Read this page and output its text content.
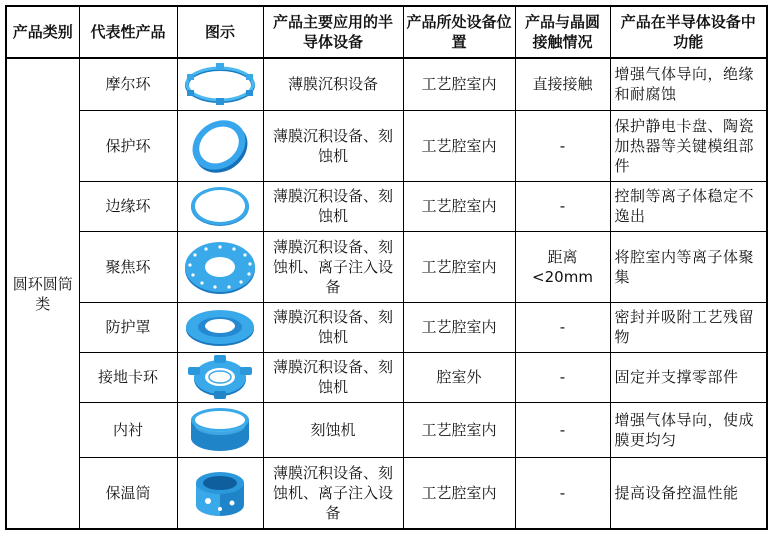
产品类别	代表性产品	图示	产品主要应用的半导体设备	产品所处设备位置	产品与晶圆接触情况	产品在半导体设备中功能
圆环圆筒类	摩尔环		薄膜沉积设备	工艺腔室内	直接接触	增强气体导向，绝缘和耐腐蚀
	保护环		薄膜沉积设备、刻蚀机	工艺腔室内	-	保护静电卡盘、陶瓷加热器等关键模组部件
	边缘环		薄膜沉积设备、刻蚀机	工艺腔室内	-	控制等离子体稳定不逸出
	聚焦环		薄膜沉积设备、刻蚀机、离子注入设备	工艺腔室内	距离<20mm	将腔室内等离子体聚集
	防护罩		薄膜沉积设备、刻蚀机	工艺腔室内	-	密封并吸附工艺残留物
	接地卡环		薄膜沉积设备、刻蚀机	腔室外	-	固定并支撑零部件
	内衬		刻蚀机	工艺腔室内	-	增强气体导向，使成膜更均匀
	保温筒		薄膜沉积设备、刻蚀机、离子注入设备	工艺腔室内	-	提高设备控温性能
